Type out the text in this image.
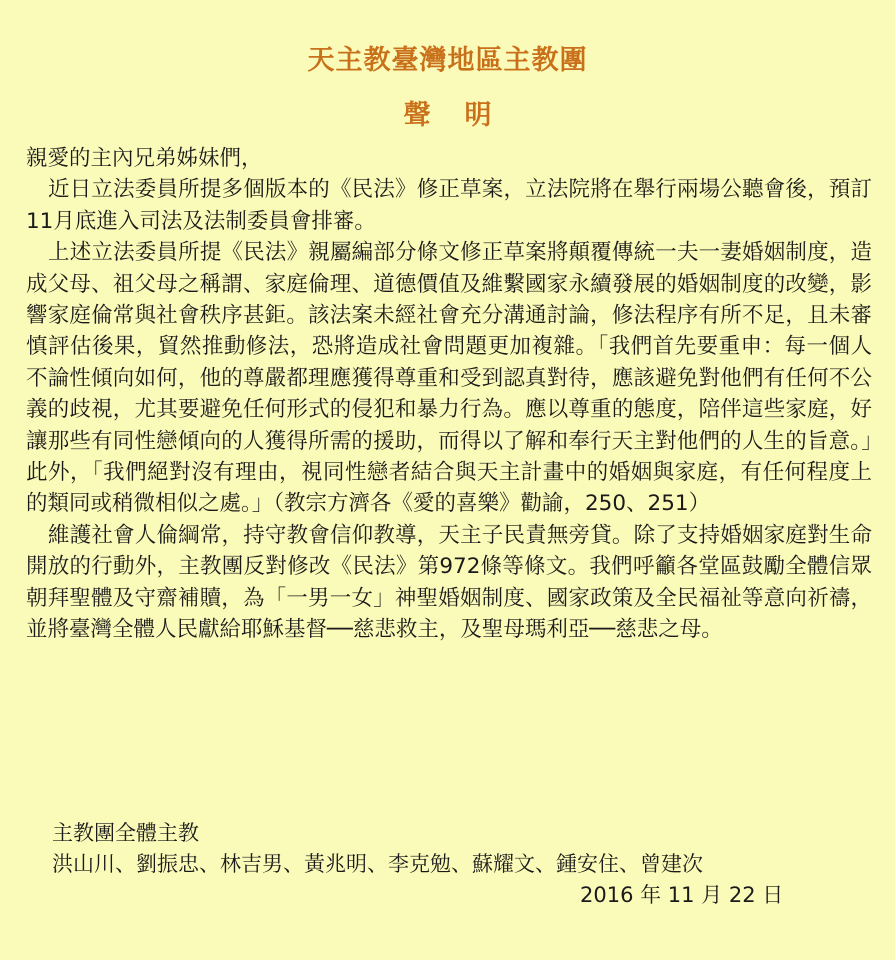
天主教臺灣地區主教團
聲明

親愛的主內兄弟姊妹們，

近日立法委員所提多個版本的《民法》修正草案，立法院將在舉行兩場公聽會後，預訂11月底進入司法及法制委員會排審。

上述立法委員所提《民法》親屬編部分條文修正草案將顛覆傳統一夫一妻婚姻制度，造成父母、祖父母之稱謂、家庭倫理、道德價值及維繫國家永續發展的婚姻制度的改變，影響家庭倫常與社會秩序甚鉅。該法案未經社會充分溝通討論，修法程序有所不足，且未審慎評估後果，貿然推動修法，恐將造成社會問題更加複雜。「我們首先要重申：每一個人不論性傾向如何，他的尊嚴都理應獲得尊重和受到認真對待，應該避免對他們有任何不公義的歧視，尤其要避免任何形式的侵犯和暴力行為。應以尊重的態度，陪伴這些家庭，好讓那些有同性戀傾向的人獲得所需的援助，而得以了解和奉行天主對他們的人生的旨意。」此外，「我們絕對沒有理由，視同性戀者結合與天主計畫中的婚姻與家庭，有任何程度上的類同或稍微相似之處。」（教宗方濟各《愛的喜樂》勸諭，250、251）

維護社會人倫綱常，持守教會信仰教導，天主子民責無旁貸。除了支持婚姻家庭對生命開放的行動外，主教團反對修改《民法》第972條等條文。我們呼籲各堂區鼓勵全體信眾朝拜聖體及守齋補贖，為「一男一女」神聖婚姻制度、國家政策及全民福祉等意向祈禱，並將臺灣全體人民獻給耶穌基督──慈悲救主，及聖母瑪利亞──慈悲之母。

主教團全體主教
洪山川、劉振忠、林吉男、黃兆明、李克勉、蘇耀文、鍾安住、曾建次
2016 年 11 月 22 日
